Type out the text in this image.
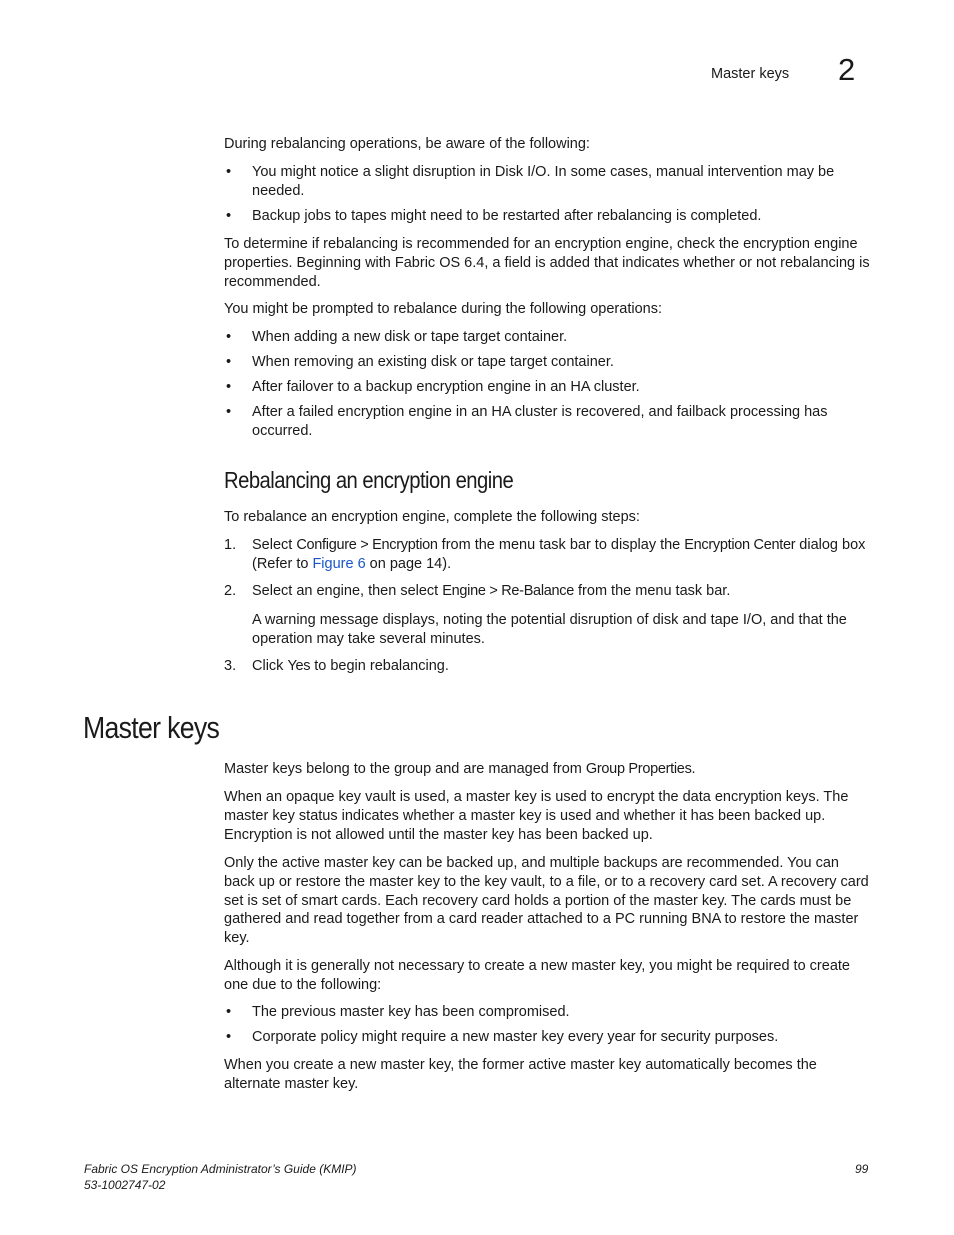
Master keys 2

During rebalancing operations, be aware of the following:

• You might notice a slight disruption in Disk I/O. In some cases, manual intervention may be needed.

• Backup jobs to tapes might need to be restarted after rebalancing is completed.

To determine if rebalancing is recommended for an encryption engine, check the encryption engine properties. Beginning with Fabric OS 6.4, a field is added that indicates whether or not rebalancing is recommended.

You might be prompted to rebalance during the following operations:

• When adding a new disk or tape target container.

• When removing an existing disk or tape target container.

• After failover to a backup encryption engine in an HA cluster.

• After a failed encryption engine in an HA cluster is recovered, and failback processing has occurred.

Rebalancing an encryption engine

To rebalance an encryption engine, complete the following steps:

1. Select Configure > Encryption from the menu task bar to display the Encryption Center dialog box (Refer to Figure 6 on page 14).

2. Select an engine, then select Engine > Re-Balance from the menu task bar.

A warning message displays, noting the potential disruption of disk and tape I/O, and that the operation may take several minutes.

3. Click Yes to begin rebalancing.

Master keys

Master keys belong to the group and are managed from Group Properties.

When an opaque key vault is used, a master key is used to encrypt the data encryption keys. The master key status indicates whether a master key is used and whether it has been backed up. Encryption is not allowed until the master key has been backed up.

Only the active master key can be backed up, and multiple backups are recommended. You can back up or restore the master key to the key vault, to a file, or to a recovery card set. A recovery card set is set of smart cards. Each recovery card holds a portion of the master key. The cards must be gathered and read together from a card reader attached to a PC running BNA to restore the master key.

Although it is generally not necessary to create a new master key, you might be required to create one due to the following:

• The previous master key has been compromised.

• Corporate policy might require a new master key every year for security purposes.

When you create a new master key, the former active master key automatically becomes the alternate master key.

Fabric OS Encryption Administrator’s Guide (KMIP)
53-1002747-02
99
